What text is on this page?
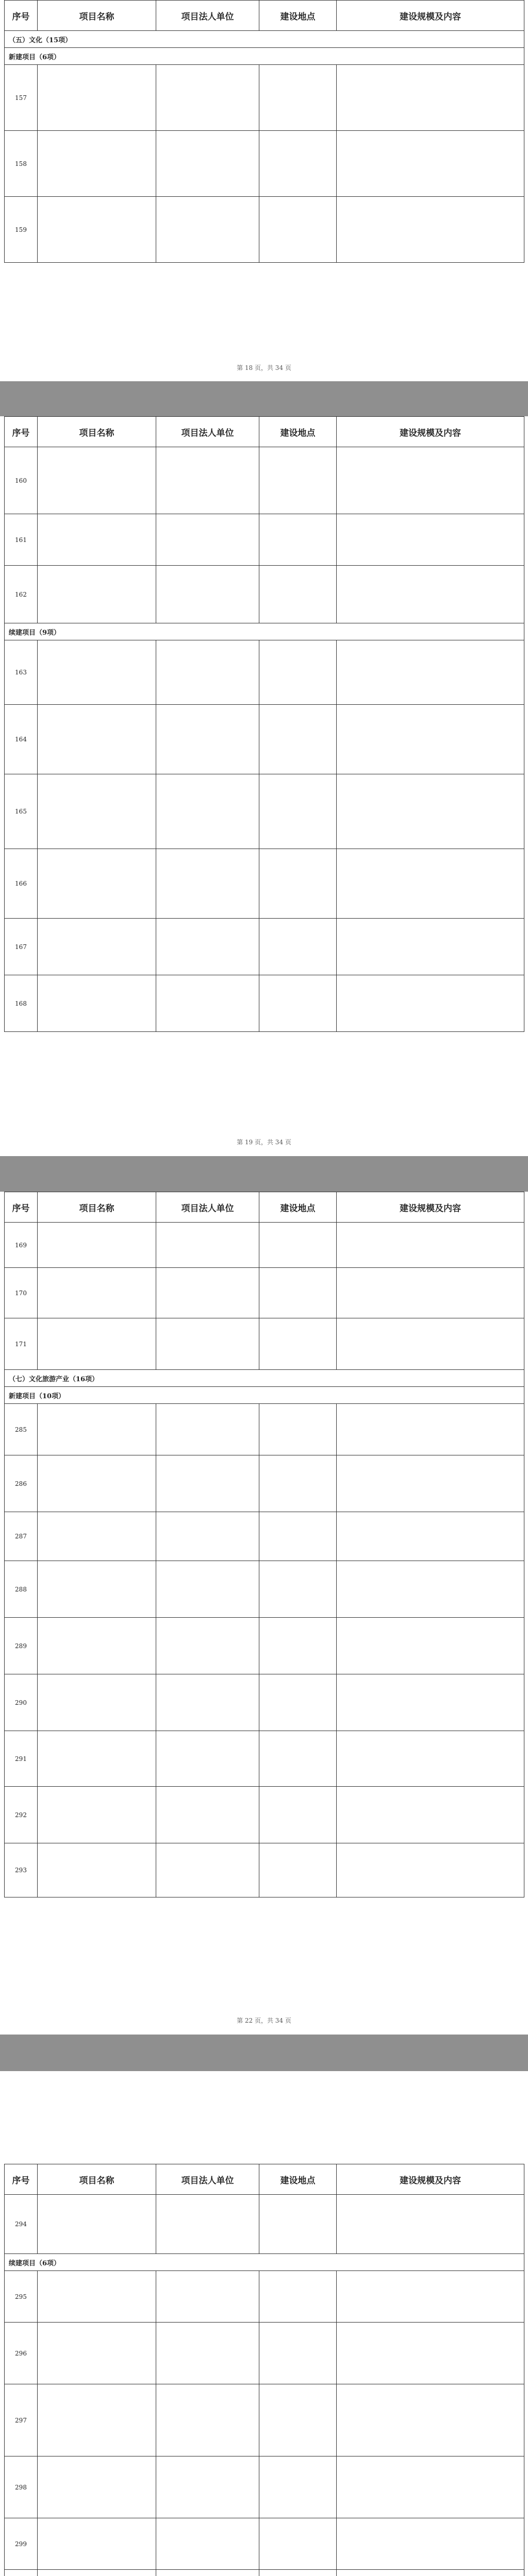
序号	项目名称	项目法人单位	建设地点	建设规模及内容
（五）文化（15项）				
新建项目（6项）				
157				
158				
159				
第 18 页，共 34 页
序号	项目名称	项目法人单位	建设地点	建设规模及内容
160				
161				
162				
续建项目（9项）				
163				
164				
165				
166				
167				
168				
第 19 页，共 34 页
序号	项目名称	项目法人单位	建设地点	建设规模及内容
169				
170				
171				
（七）文化旅游产业（16项）				
新建项目（10项）				
285				
286				
287				
288				
289				
290				
291				
292				
293				
第 22 页，共 34 页
序号	项目名称	项目法人单位	建设地点	建设规模及内容
294				
续建项目（6项）				
295				
296				
297				
298				
299				
